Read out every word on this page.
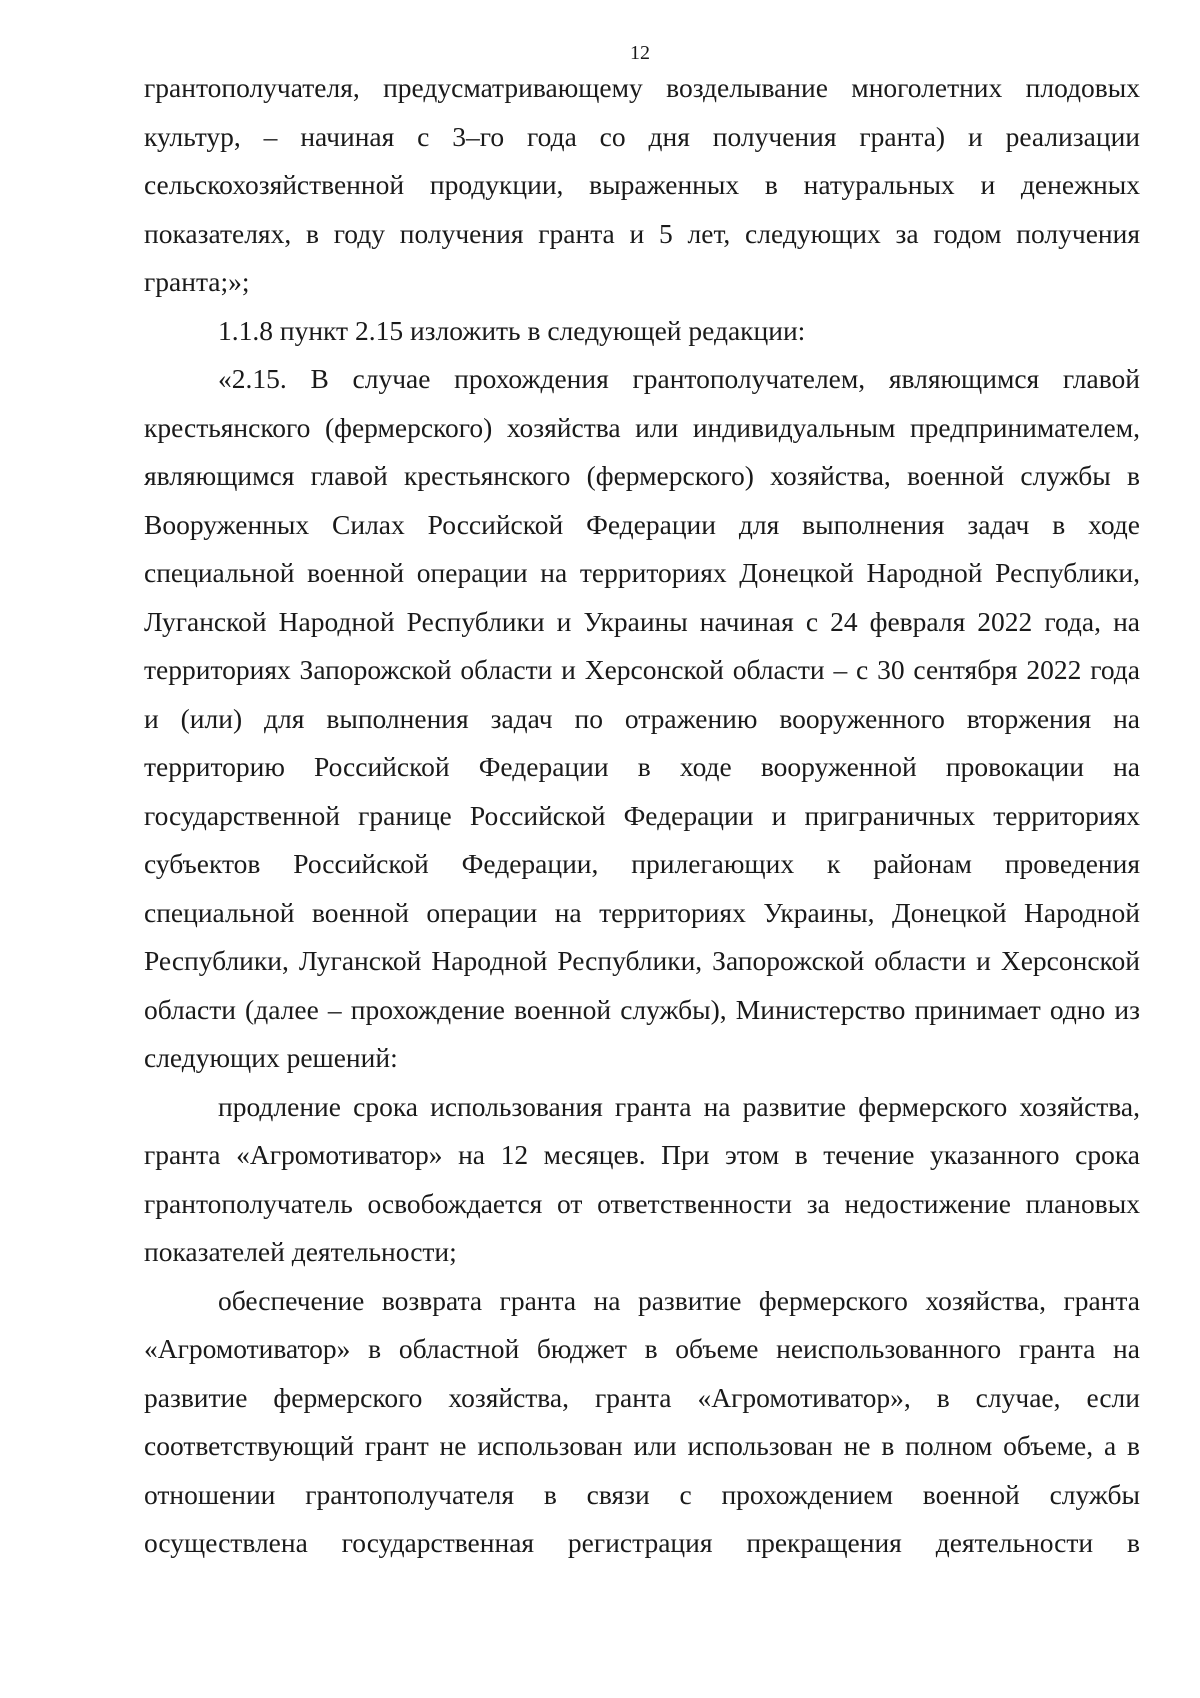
12

грантополучателя, предусматривающему возделывание многолетних плодовых культур, – начиная с 3–го года со дня получения гранта) и реализации сельскохозяйственной продукции, выраженных в натуральных и денежных показателях, в году получения гранта и 5 лет, следующих за годом получения гранта;»;

1.1.8 пункт 2.15 изложить в следующей редакции:

«2.15. В случае прохождения грантополучателем, являющимся главой крестьянского (фермерского) хозяйства или индивидуальным предпринимателем, являющимся главой крестьянского (фермерского) хозяйства, военной службы в Вооруженных Силах Российской Федерации для выполнения задач в ходе специальной военной операции на территориях Донецкой Народной Республики, Луганской Народной Республики и Украины начиная с 24 февраля 2022 года, на территориях Запорожской области и Херсонской области – с 30 сентября 2022 года и (или) для выполнения задач по отражению вооруженного вторжения на территорию Российской Федерации в ходе вооруженной провокации на государственной границе Российской Федерации и приграничных территориях субъектов Российской Федерации, прилегающих к районам проведения специальной военной операции на территориях Украины, Донецкой Народной Республики, Луганской Народной Республики, Запорожской области и Херсонской области (далее – прохождение военной службы), Министерство принимает одно из следующих решений:

продление срока использования гранта на развитие фермерского хозяйства, гранта «Агромотиватор» на 12 месяцев. При этом в течение указанного срока грантополучатель освобождается от ответственности за недостижение плановых показателей деятельности;

обеспечение возврата гранта на развитие фермерского хозяйства, гранта «Агромотиватор» в областной бюджет в объеме неиспользованного гранта на развитие фермерского хозяйства, гранта «Агромотиватор», в случае, если соответствующий грант не использован или использован не в полном объеме, а в отношении грантополучателя в связи с прохождением военной службы осуществлена государственная регистрация прекращения деятельности в
